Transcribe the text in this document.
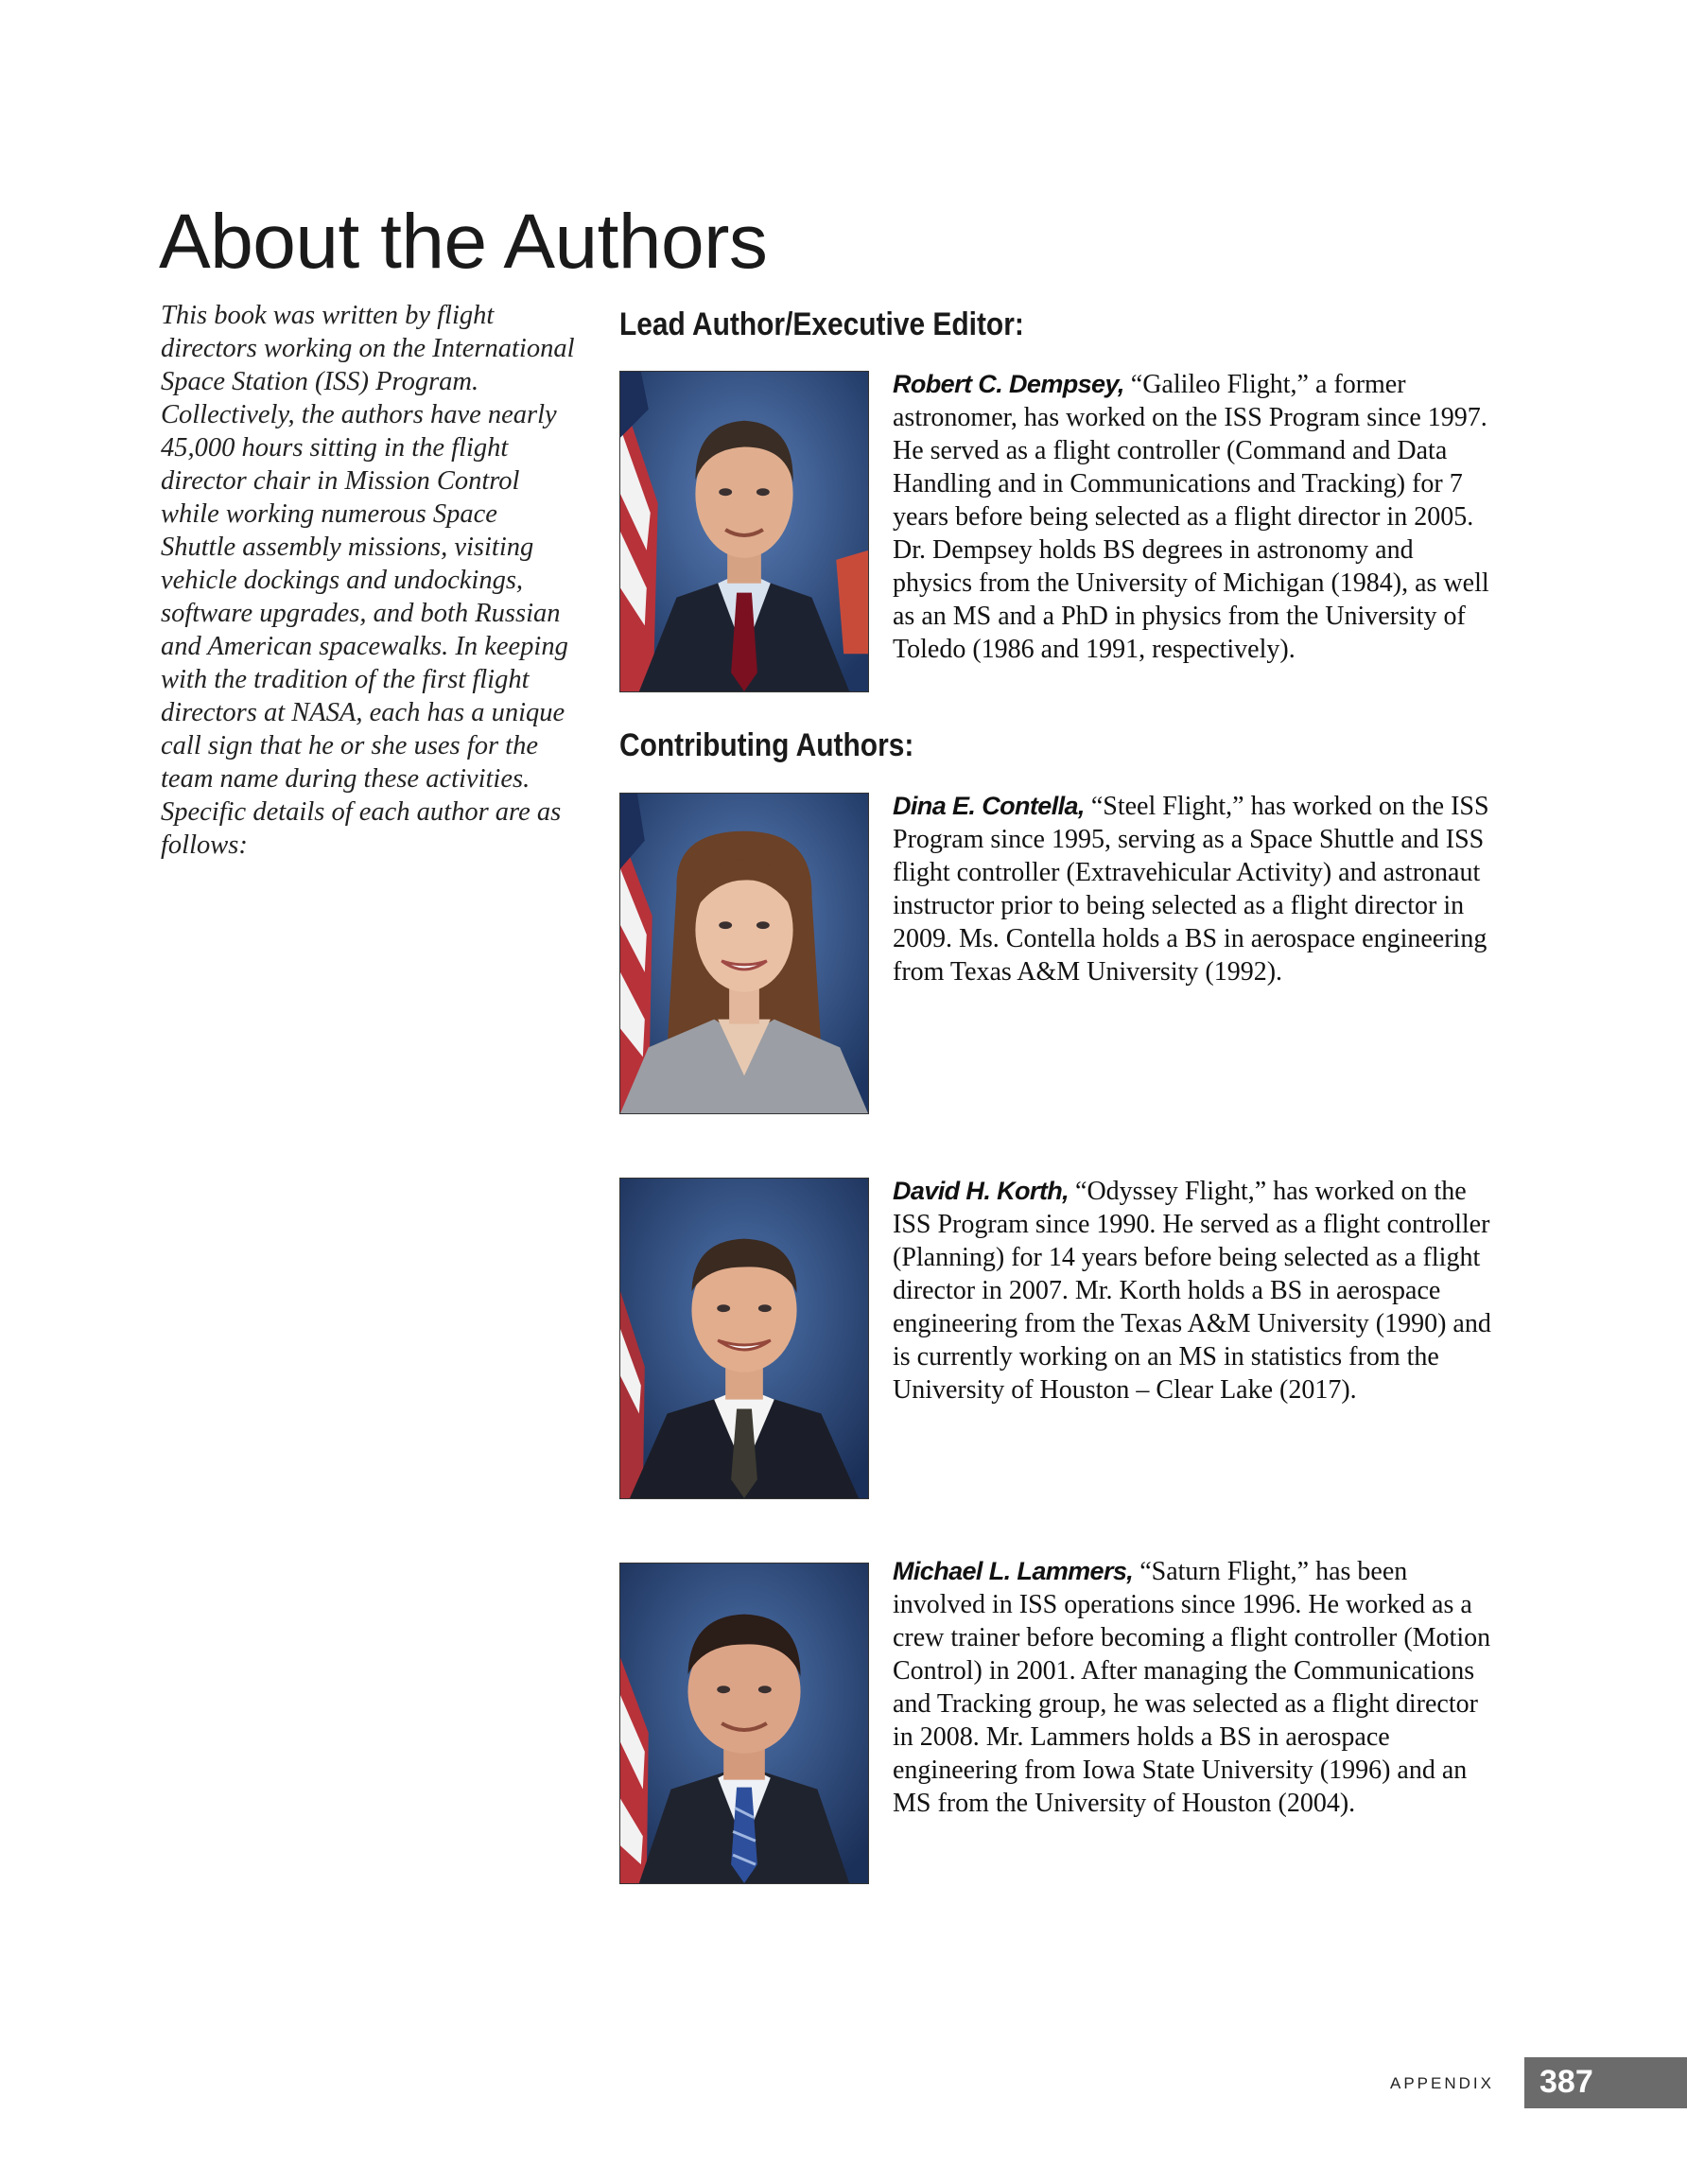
About the Authors

This book was written by flight directors working on the International Space Station (ISS) Program. Collectively, the authors have nearly 45,000 hours sitting in the flight director chair in Mission Control while working numerous Space Shuttle assembly missions, visiting vehicle dockings and undockings, software upgrades, and both Russian and American spacewalks. In keeping with the tradition of the first flight directors at NASA, each has a unique call sign that he or she uses for the team name during these activities. Specific details of each author are as follows:

Lead Author/Executive Editor:

Robert C. Dempsey, “Galileo Flight,” a former astronomer, has worked on the ISS Program since 1997. He served as a flight controller (Command and Data Handling and in Communications and Tracking) for 7 years before being selected as a flight director in 2005. Dr. Dempsey holds BS degrees in astronomy and physics from the University of Michigan (1984), as well as an MS and a PhD in physics from the University of Toledo (1986 and 1991, respectively).

Contributing Authors:

Dina E. Contella, “Steel Flight,” has worked on the ISS Program since 1995, serving as a Space Shuttle and ISS flight controller (Extravehicular Activity) and astronaut instructor prior to being selected as a flight director in 2009. Ms. Contella holds a BS in aerospace engineering from Texas A&M University (1992).

David H. Korth, “Odyssey Flight,” has worked on the ISS Program since 1990. He served as a flight controller (Planning) for 14 years before being selected as a flight director in 2007. Mr. Korth holds a BS in aerospace engineering from the Texas A&M University (1990) and is currently working on an MS in statistics from the University of Houston – Clear Lake (2017).

Michael L. Lammers, “Saturn Flight,” has been involved in ISS operations since 1996. He worked as a crew trainer before becoming a flight controller (Motion Control) in 2001. After managing the Communications and Tracking group, he was selected as a flight director in 2008. Mr. Lammers holds a BS in aerospace engineering from Iowa State University (1996) and an MS from the University of Houston (2004).

APPENDIX 387
